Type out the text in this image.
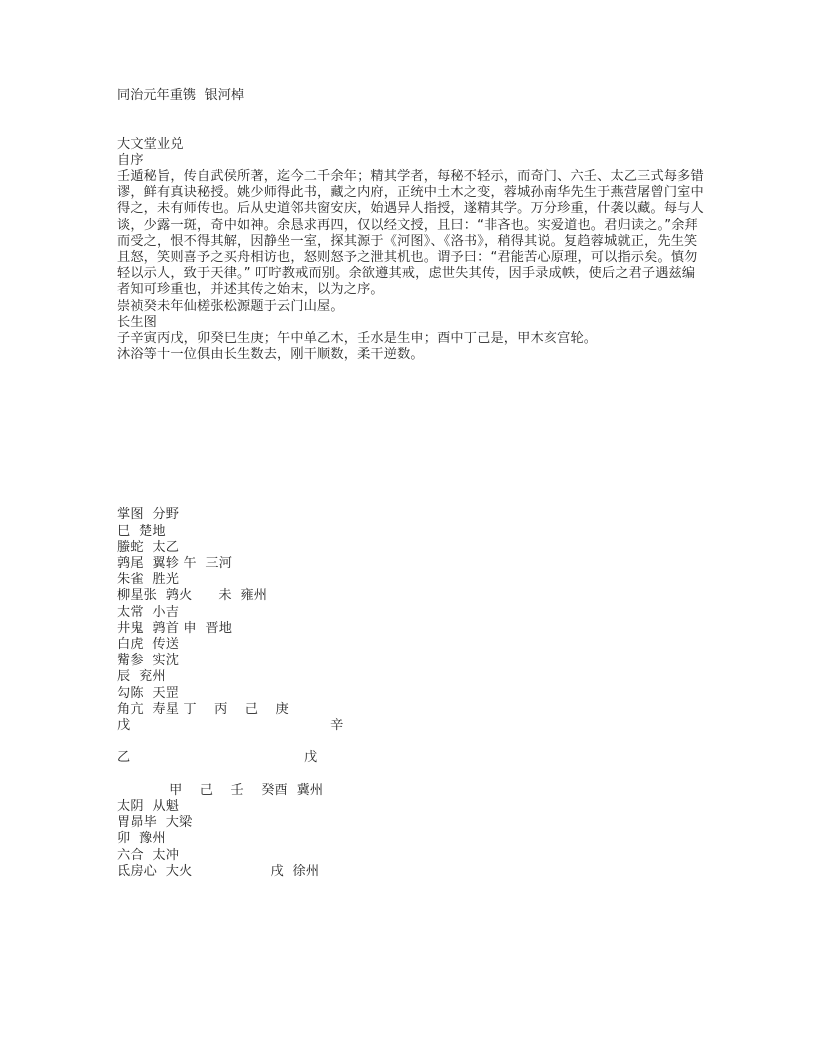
同治元年重镌  银河棹
大文堂业兑
自序
壬遁秘旨，传自武侯所著，迄今二千余年；精其学者，每秘不轻示，而奇门、六壬、太乙三式每多错谬，鲜有真诀秘授。姚少师得此书，藏之内府，正统中土木之变，蓉城孙南华先生于燕营屠曾门室中得之，未有师传也。后从史道邻共窗安庆，始遇异人指授，遂精其学。万分珍重，什袭以藏。每与人谈，少露一斑，奇中如神。余恳求再四，仅以经文授，且曰：“非吝也。实爱道也。君归读之。”余拜而受之，恨不得其解，因静坐一室，探其源于《河图》、《洛书》，稍得其说。复趋蓉城就正，先生笑且怒，笑则喜予之买舟相访也，怒则怒予之泄其机也。谓予曰：“君能苦心原理，可以指示矣。慎勿轻以示人，致于天律。” 叮咛教戒而别。余欲遵其戒，虑世失其传，因手录成帙，使后之君子遇兹编者知可珍重也，并述其传之始末，以为之序。
崇祯癸未年仙槎张松源题于云门山屋。
长生图
子辛寅丙戊，卯癸巳生庚；午中单乙木，壬水是生申；酉中丁己是，甲木亥宫轮。
沐浴等十一位俱由长生数去，刚干顺数，柔干逆数。
掌图  分野
巳  楚地
螣蛇  太乙
鹑尾  翼轸 午  三河
朱雀  胜光
柳星张  鹑火      未  雍州
太常  小吉
井鬼  鹑首 申  晋地
白虎  传送
觜参  实沈
辰  兖州
勾陈  天罡
角亢  寿星 丁    丙    己    庚
戊                                              辛
乙                                        戊
甲    己    壬    癸酉  冀州
太阴  从魁
胃昴毕  大梁
卯  豫州
六合  太冲
氐房心  大火                  戌  徐州
